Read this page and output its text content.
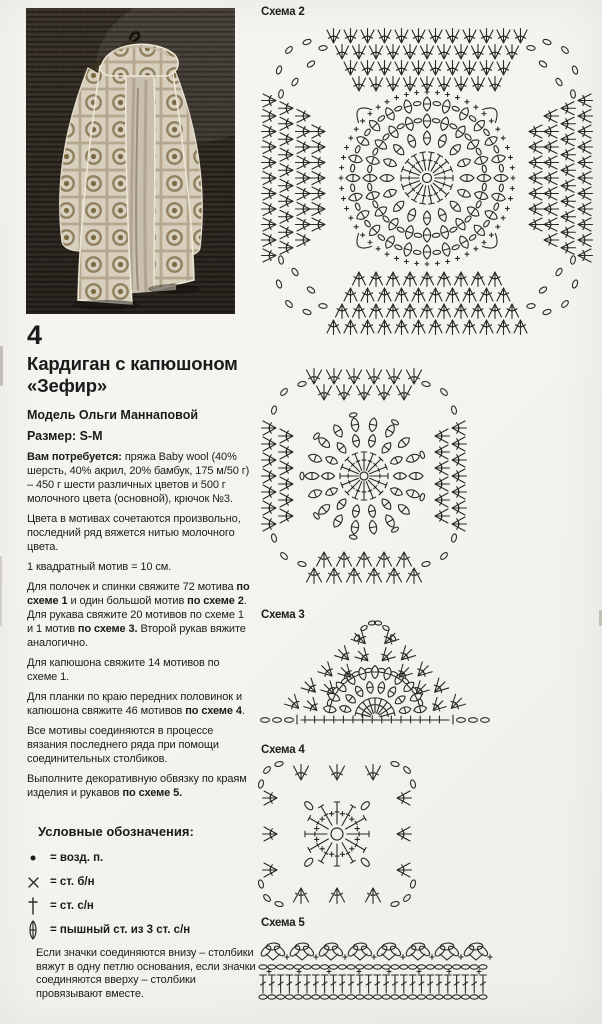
4
Кардиган с капюшоном
«Зефир»
Модель Ольги Маннаповой
Размер: S-M

Вам потребуется: пряжа Baby wool (40% шерсть, 40% акрил, 20% бамбук, 175 м/50 г) – 450 г шести различных цветов и 500 г молочного цвета (основной), крючок №3.

Цвета в мотивах сочетаются произвольно, последний ряд вяжется нитью молочного цвета.

1 квадратный мотив = 10 см.

Для полочек и спинки свяжите 72 мотива по схеме 1 и один большой мотив по схеме 2. Для рукава свяжите 20 мотивов по схеме 1 и 1 мотив по схеме 3. Второй рукав вяжите аналогично.

Для капюшона свяжите 14 мотивов по схеме 1.

Для планки по краю передних половинок и капюшона свяжите 46 мотивов по схеме 4.

Все мотивы соединяются в процессе вязания последнего ряда при помощи соединительных столбиков.

Выполните декоративную обвязку по краям изделия и рукавов по схеме 5.

Условные обозначения:
= возд. п.
= ст. б/н
= ст. с/н
= пышный ст. из 3 ст. с/н

Если значки соединяются внизу – столбики вяжут в одну петлю основания, если значки соединяются вверху – столбики провязывают вместе.

Схема 2
Схема 3
Схема 4
Схема 5
